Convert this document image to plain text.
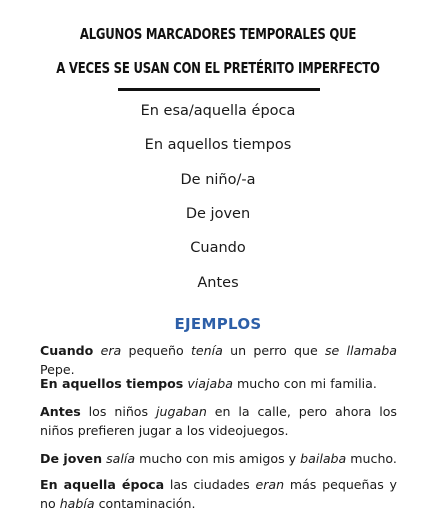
ALGUNOS MARCADORES TEMPORALES QUE
A VECES SE USAN CON EL PRETÉRITO IMPERFECTO
En esa/aquella época
En aquellos tiempos
De niño/-a
De joven
Cuando
Antes
EJEMPLOS
Cuando era pequeño tenía un perro que se llamaba Pepe.
En aquellos tiempos viajaba mucho con mi familia.
Antes los niños jugaban en la calle, pero ahora los niños prefieren jugar a los videojuegos.
De joven salía mucho con mis amigos y bailaba mucho.
En aquella época las ciudades eran más pequeñas y no había contaminación.
